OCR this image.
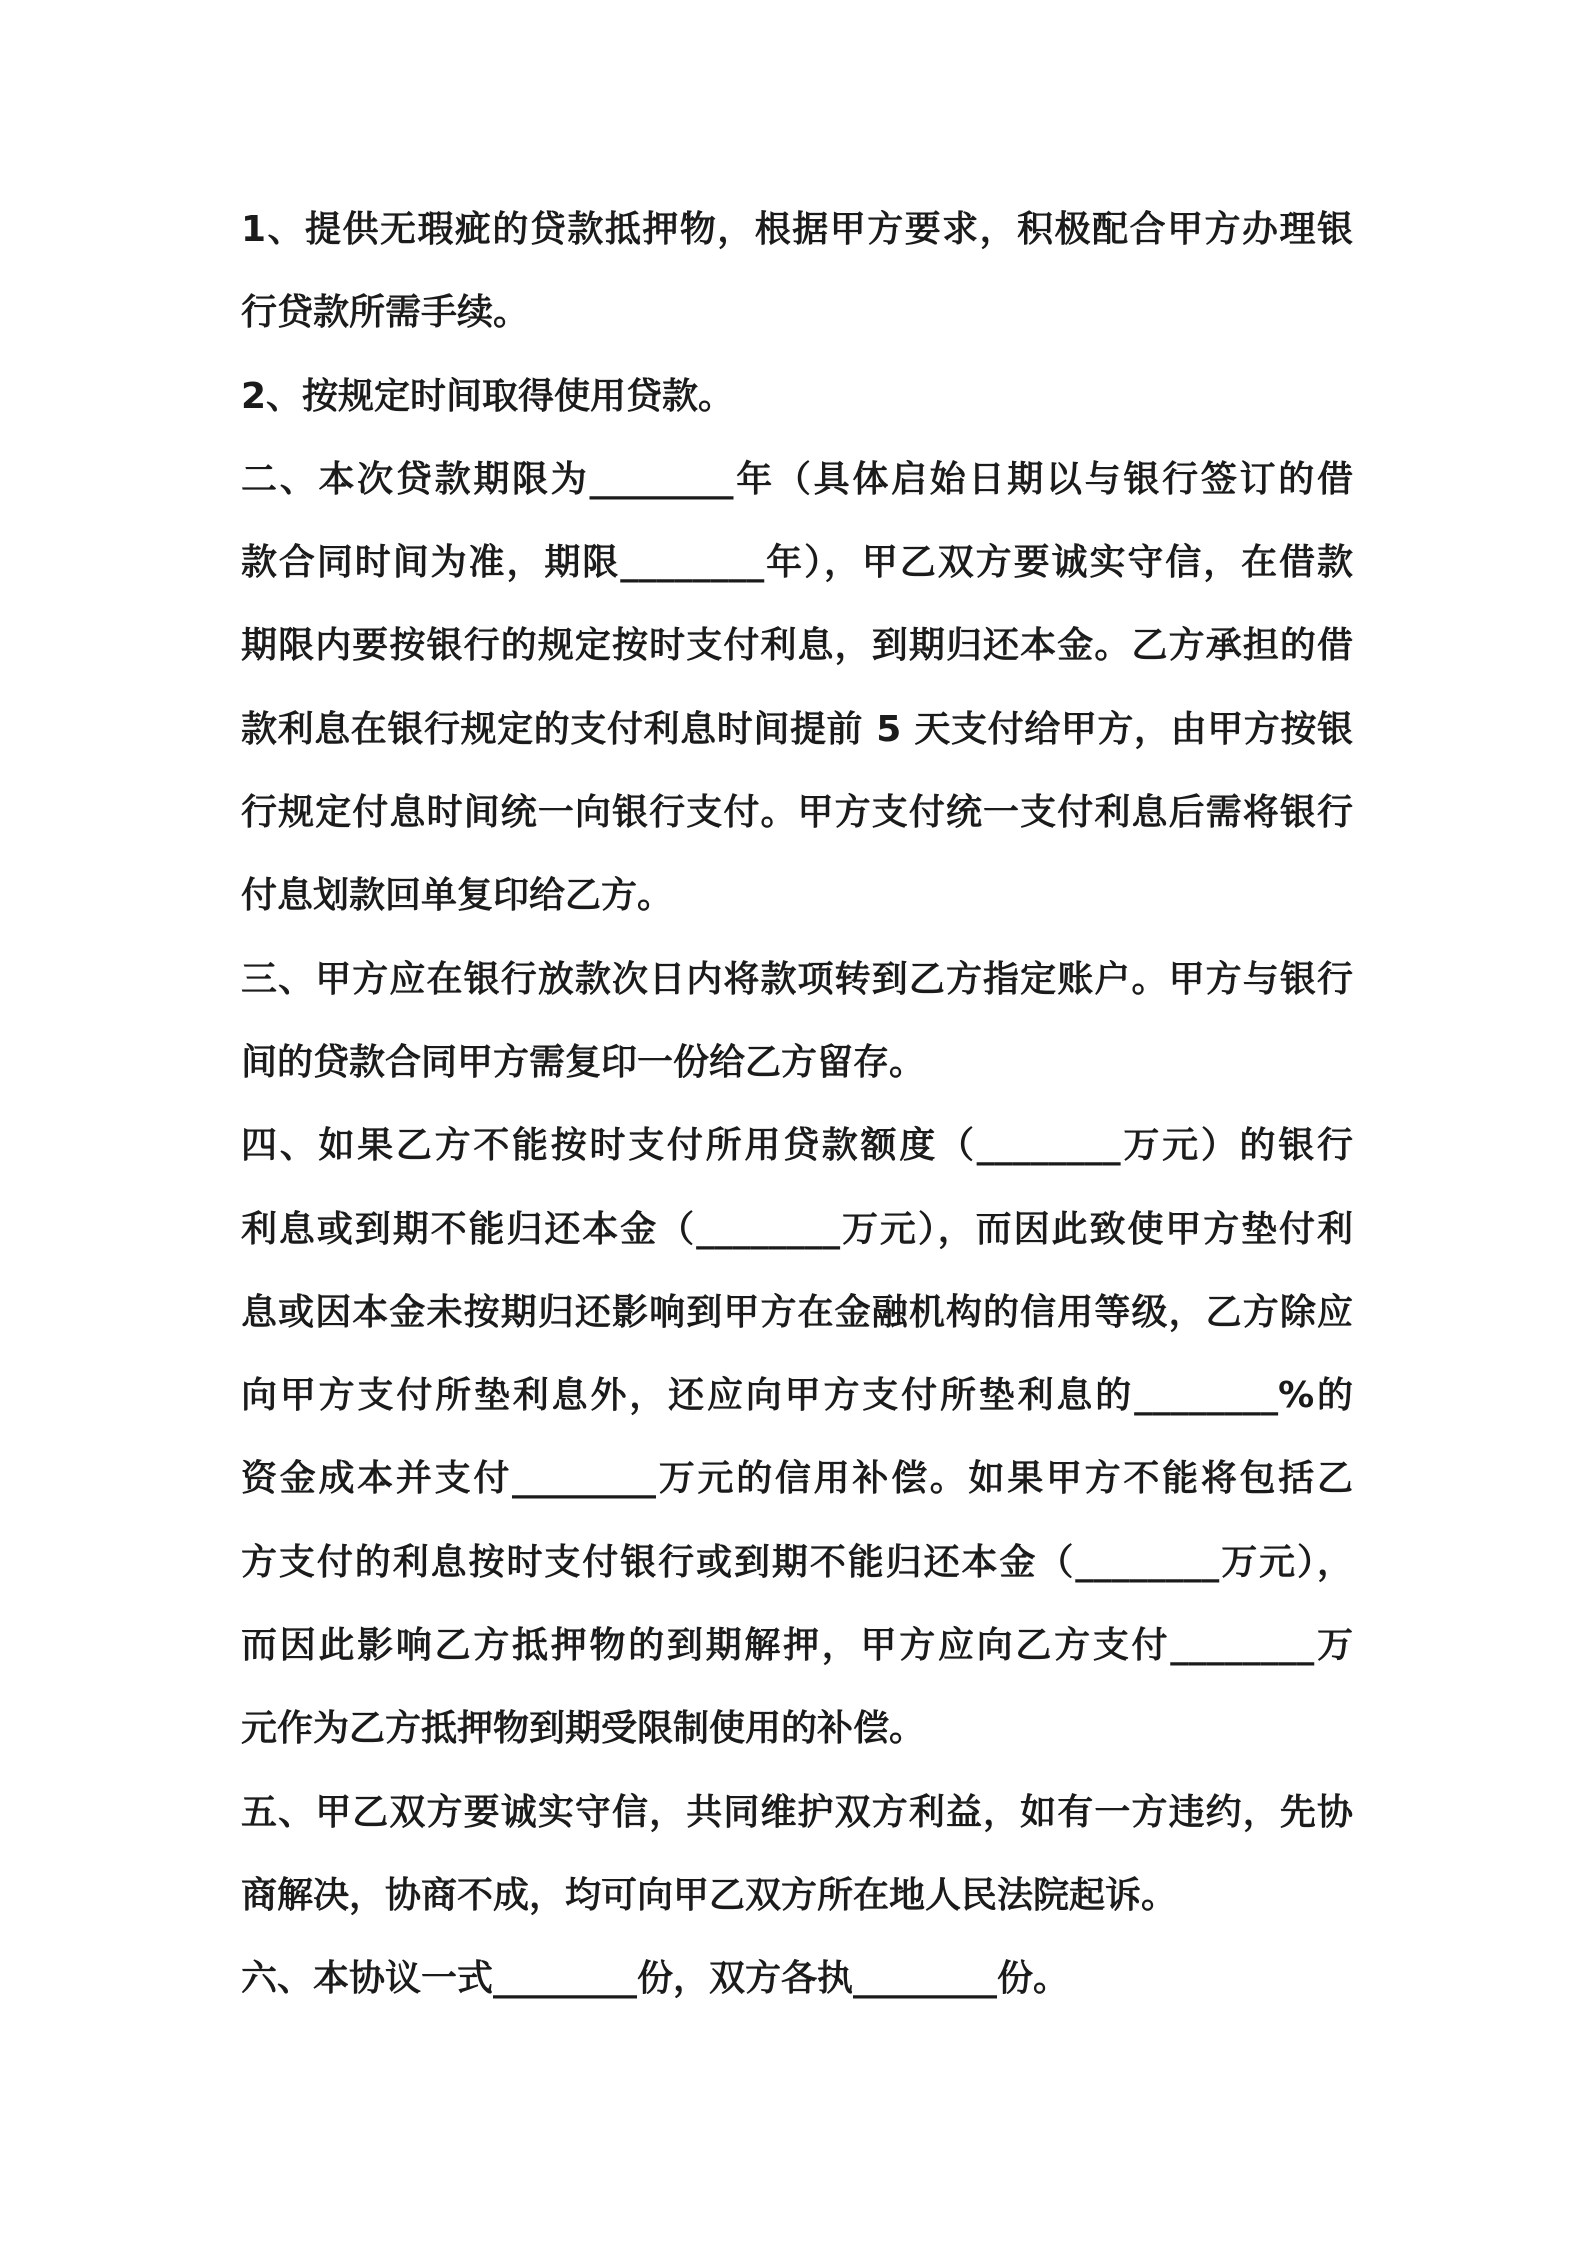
1、提供无瑕疵的贷款抵押物，根据甲方要求，积极配合甲方办理银
行贷款所需手续。
2、按规定时间取得使用贷款。
二、本次贷款期限为________年（具体启始日期以与银行签订的借
款合同时间为准，期限________年），甲乙双方要诚实守信，在借款
期限内要按银行的规定按时支付利息，到期归还本金。乙方承担的借
款利息在银行规定的支付利息时间提前 5 天支付给甲方，由甲方按银
行规定付息时间统一向银行支付。甲方支付统一支付利息后需将银行
付息划款回单复印给乙方。
三、甲方应在银行放款次日内将款项转到乙方指定账户。甲方与银行
间的贷款合同甲方需复印一份给乙方留存。
四、如果乙方不能按时支付所用贷款额度（________万元）的银行
利息或到期不能归还本金（________万元），而因此致使甲方垫付利
息或因本金未按期归还影响到甲方在金融机构的信用等级，乙方除应
向甲方支付所垫利息外，还应向甲方支付所垫利息的________%的
资金成本并支付________万元的信用补偿。如果甲方不能将包括乙
方支付的利息按时支付银行或到期不能归还本金（________万元），
而因此影响乙方抵押物的到期解押，甲方应向乙方支付________万
元作为乙方抵押物到期受限制使用的补偿。
五、甲乙双方要诚实守信，共同维护双方利益，如有一方违约，先协
商解决，协商不成，均可向甲乙双方所在地人民法院起诉。
六、本协议一式________份，双方各执________份。
